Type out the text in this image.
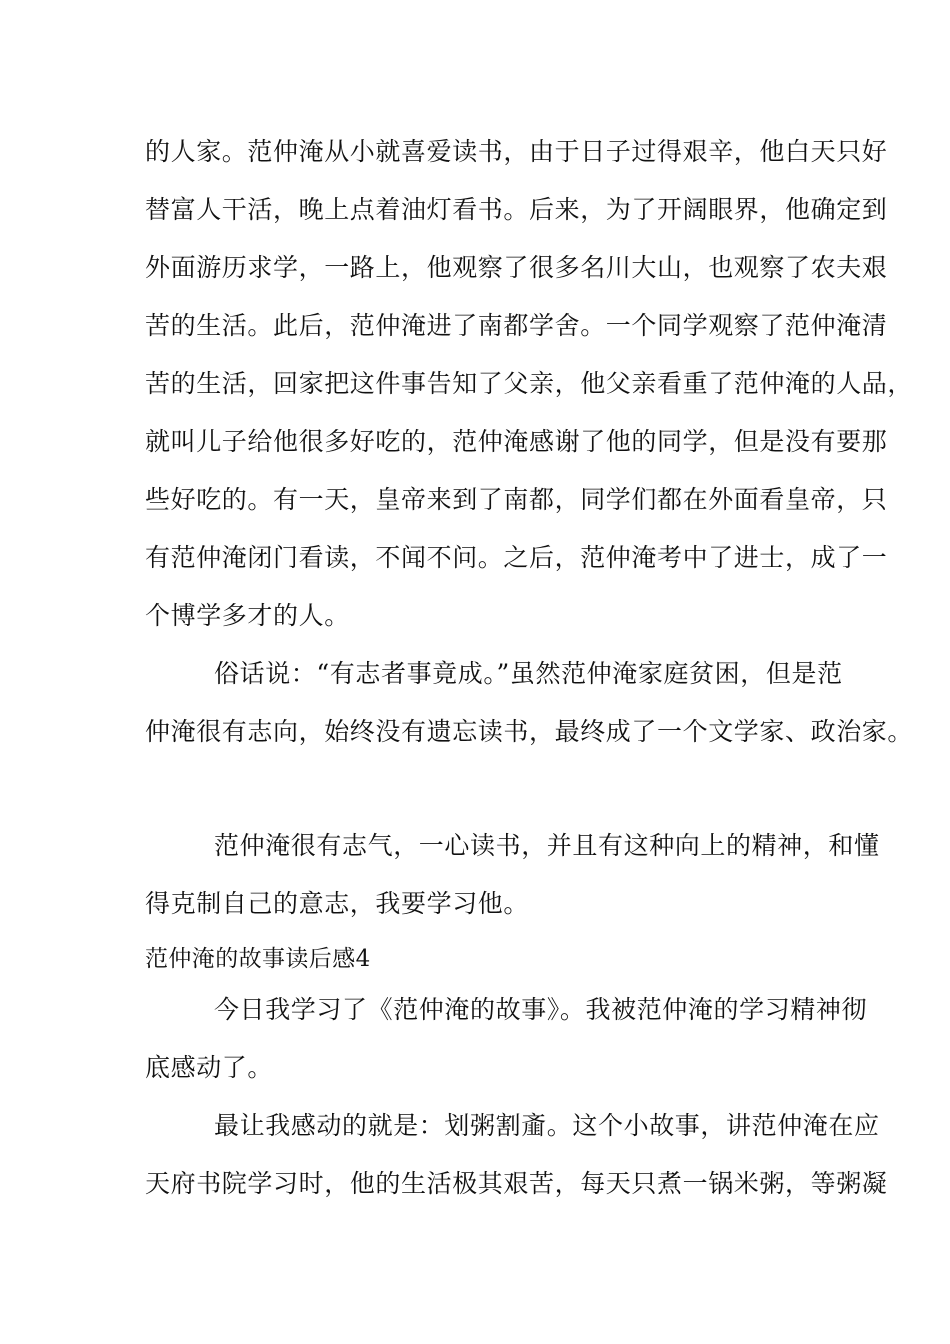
的人家。范仲淹从小就喜爱读书，由于日子过得艰辛，他白天只好
替富人干活，晚上点着油灯看书。后来，为了开阔眼界，他确定到
外面游历求学，一路上，他观察了很多名川大山，也观察了农夫艰
苦的生活。此后，范仲淹进了南都学舍。一个同学观察了范仲淹清
苦的生活，回家把这件事告知了父亲，他父亲看重了范仲淹的人品，
就叫儿子给他很多好吃的，范仲淹感谢了他的同学，但是没有要那
些好吃的。有一天，皇帝来到了南都，同学们都在外面看皇帝，只
有范仲淹闭门看读，不闻不问。之后，范仲淹考中了进士，成了一
个博学多才的人。
俗话说：“有志者事竟成。”虽然范仲淹家庭贫困，但是范
仲淹很有志向，始终没有遗忘读书，最终成了一个文学家、政治家。
范仲淹很有志气，一心读书，并且有这种向上的精神，和懂
得克制自己的意志，我要学习他。
范仲淹的故事读后感4
今日我学习了《范仲淹的故事》。我被范仲淹的学习精神彻
底感动了。
最让我感动的就是：划粥割齑。这个小故事，讲范仲淹在应
天府书院学习时，他的生活极其艰苦，每天只煮一锅米粥，等粥凝
